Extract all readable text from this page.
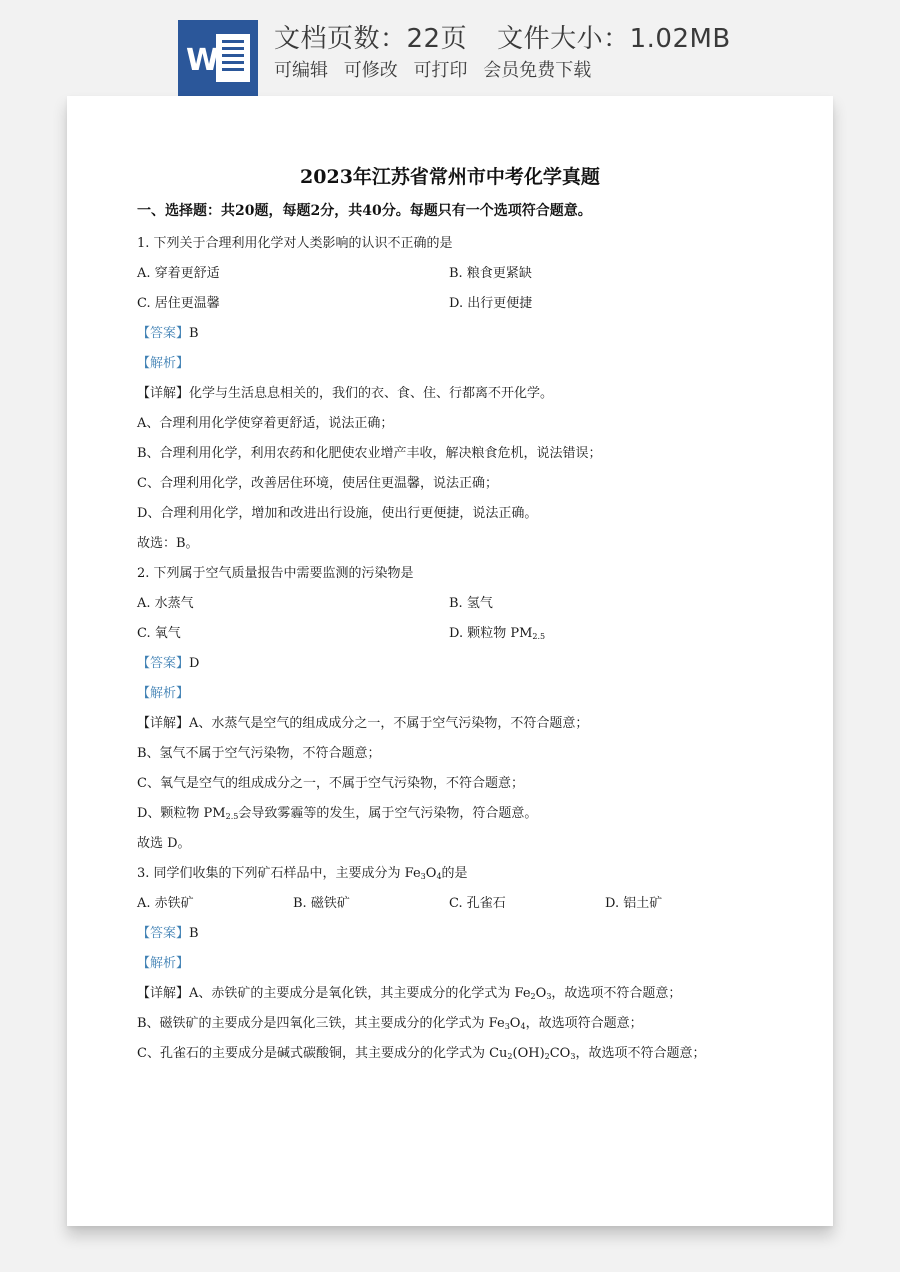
W
文档页数：22页 文件大小：1.02MB
可编辑 可修改 可打印 会员免费下载
2023年江苏省常州市中考化学真题
一、选择题：共20题，每题2分，共40分。每题只有一个选项符合题意。
1. 下列关于合理利用化学对人类影响的认识不正确的是
A. 穿着更舒适	B. 粮食更紧缺
C. 居住更温馨	D. 出行更便捷
【答案】B
【解析】
【详解】化学与生活息息相关的，我们的衣、食、住、行都离不开化学。
A、合理利用化学使穿着更舒适，说法正确；
B、合理利用化学，利用农药和化肥使农业增产丰收，解决粮食危机，说法错误；
C、合理利用化学，改善居住环境，使居住更温馨，说法正确；
D、合理利用化学，增加和改进出行设施，使出行更便捷，说法正确。
故选：B。
2. 下列属于空气质量报告中需要监测的污染物是
A. 水蒸气	B. 氢气
C. 氧气	D. 颗粒物 $PM_{2.5}$
【答案】D
【解析】
【详解】A、水蒸气是空气的组成成分之一，不属于空气污染物，不符合题意；
B、氢气不属于空气污染物，不符合题意；
C、氧气是空气的组成成分之一，不属于空气污染物，不符合题意；
D、颗粒物 $PM_{2.5}$会导致雾霾等的发生，属于空气污染物，符合题意。
故选 D。
3. 同学们收集的下列矿石样品中，主要成分为 $Fe_3O_4$的是
A. 赤铁矿	B. 磁铁矿	C. 孔雀石	D. 铝土矿
【答案】B
【解析】
【详解】A、赤铁矿的主要成分是氧化铁，其主要成分的化学式为 $Fe_2O_3$，故选项不符合题意；
B、磁铁矿的主要成分是四氧化三铁，其主要成分的化学式为 $Fe_3O_4$，故选项符合题意；
C、孔雀石的主要成分是碱式碳酸铜，其主要成分的化学式为 $Cu_2(OH)_2CO_3$，故选项不符合题意；
